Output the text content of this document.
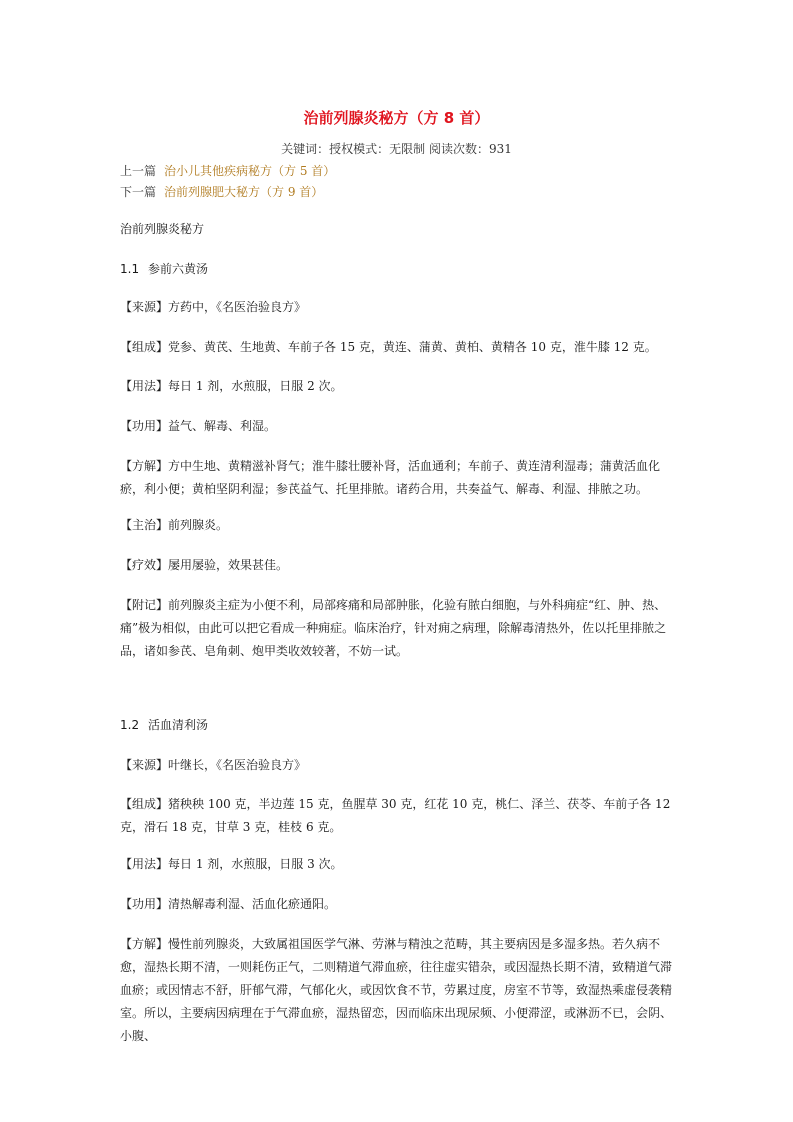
治前列腺炎秘方（方 8 首）
关键词：授权模式：无限制 阅读次数：931
上一篇 治小儿其他疾病秘方（方 5 首）
下一篇 治前列腺肥大秘方（方 9 首）
治前列腺炎秘方
1.1 参前六黄汤
【来源】方药中，《名医治验良方》
【组成】党参、黄芪、生地黄、车前子各 15 克，黄连、蒲黄、黄柏、黄精各 10 克，淮牛膝 12 克。
【用法】每日 1 剂，水煎服，日服 2 次。
【功用】益气、解毒、利湿。
【方解】方中生地、黄精滋补肾气；淮牛膝壮腰补肾，活血通利；车前子、黄连清利湿毒；蒲黄活血化瘀，利小便；黄柏坚阴利湿；参芪益气、托里排脓。诸药合用，共奏益气、解毒、利湿、排脓之功。
【主治】前列腺炎。
【疗效】屡用屡验，效果甚佳。
【附记】前列腺炎主症为小便不利，局部疼痛和局部肿胀，化验有脓白细胞，与外科痈症“红、肿、热、痛”极为相似，由此可以把它看成一种痈症。临床治疗，针对痈之病理，除解毒清热外，佐以托里排脓之品，诸如参芪、皂角刺、炮甲类收效较著，不妨一试。
1.2 活血清利汤
【来源】叶继长，《名医治验良方》
【组成】猪秧秧 100 克，半边莲 15 克，鱼腥草 30 克，红花 10 克，桃仁、泽兰、茯苓、车前子各 12 克，滑石 18 克，甘草 3 克，桂枝 6 克。
【用法】每日 1 剂，水煎服，日服 3 次。
【功用】清热解毒利湿、活血化瘀通阳。
【方解】慢性前列腺炎，大致属祖国医学气淋、劳淋与精浊之范畴，其主要病因是多湿多热。若久病不愈，湿热长期不清，一则耗伤正气，二则精道气滞血瘀，往往虚实错杂，或因湿热长期不清，致精道气滞血瘀；或因情志不舒，肝郁气滞，气郁化火，或因饮食不节，劳累过度，房室不节等，致湿热乘虚侵袭精室。所以，主要病因病理在于气滞血瘀，湿热留恋，因而临床出现尿频、小便滞涩，或淋沥不已，会阴、小腹、
